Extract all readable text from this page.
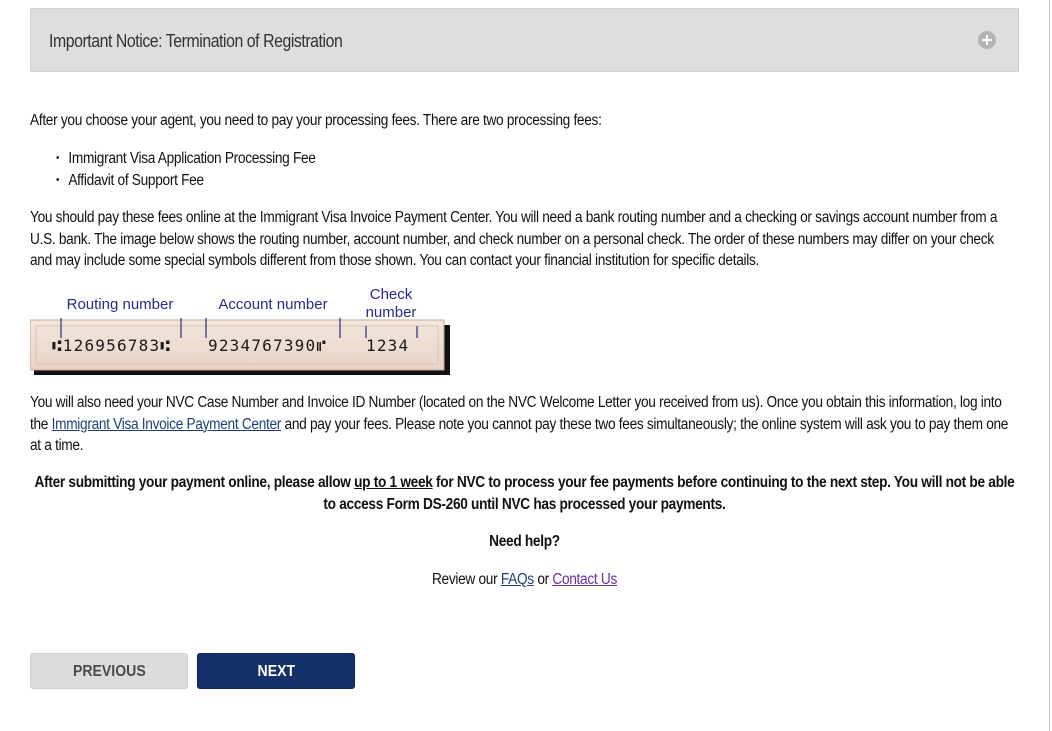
Important Notice: Termination of Registration
After you choose your agent, you need to pay your processing fees. There are two processing fees:
• Immigrant Visa Application Processing Fee
• Affidavit of Support Fee
You should pay these fees online at the Immigrant Visa Invoice Payment Center. You will need a bank routing number and a checking or savings account number from a U.S. bank. The image below shows the routing number, account number, and check number on a personal check. The order of these numbers may differ on your check and may include some special symbols different from those shown. You can contact your financial institution for specific details.
Routing number	Account number
Check
number
⑆126956783⑆ 9234767390⑈ 1234
You will also need your NVC Case Number and Invoice ID Number (located on the NVC Welcome Letter you received from us). Once you obtain this information, log into the Immigrant Visa Invoice Payment Center and pay your fees. Please note you cannot pay these two fees simultaneously; the online system will ask you to pay them one at a time.
After submitting your payment online, please allow up to 1 week for NVC to process your fee payments before continuing to the next step. You will not be able to access Form DS-260 until NVC has processed your payments.
Need help?
Review our FAQs or Contact Us
PREVIOUS	NEXT
